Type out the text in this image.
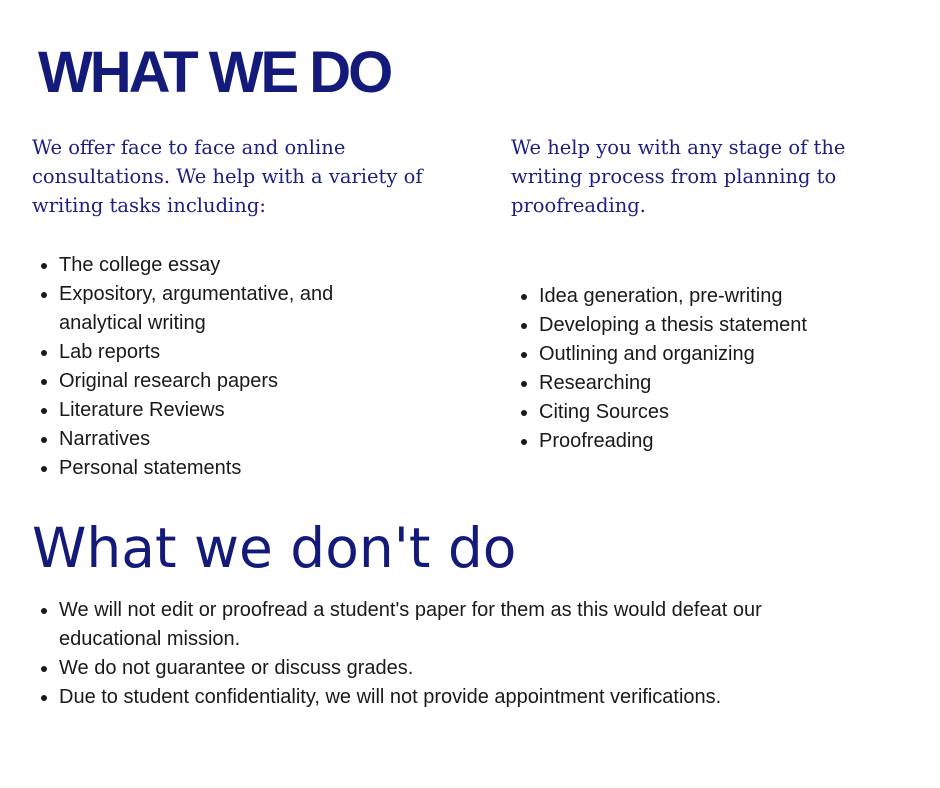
WHAT WE DO

We offer face to face and online consultations. We help with a variety of writing tasks including:

We help you with any stage of the writing process from planning to proofreading.

The college essay
Expository, argumentative, and analytical writing
Lab reports
Original research papers
Literature Reviews
Narratives
Personal statements
Idea generation, pre-writing
Developing a thesis statement
Outlining and organizing
Researching
Citing Sources
Proofreading
What we don't do
We will not edit or proofread a student's paper for them as this would defeat our educational mission.
We do not guarantee or discuss grades.
Due to student confidentiality, we will not provide appointment verifications.
